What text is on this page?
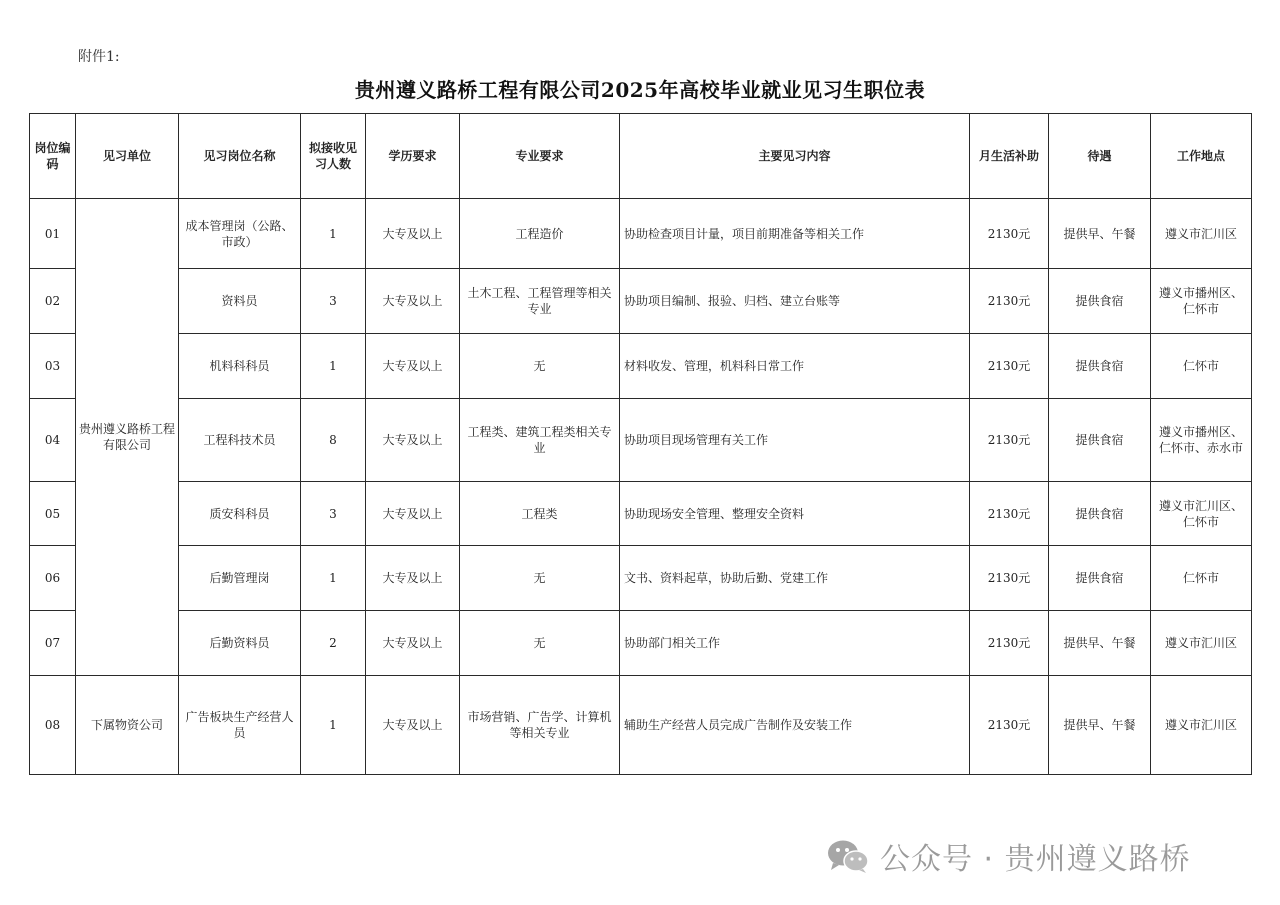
附件1:
贵州遵义路桥工程有限公司2025年高校毕业就业见习生职位表
岗位编码	见习单位	见习岗位名称	拟接收见习人数	学历要求	专业要求	主要见习内容	月生活补助	待遇	工作地点
01	贵州遵义路桥工程有限公司	成本管理岗（公路、市政）	1	大专及以上	工程造价	协助检查项目计量，项目前期准备等相关工作	2130元	提供早、午餐	遵义市汇川区
02		资料员	3	大专及以上	土木工程、工程管理等相关专业	协助项目编制、报验、归档、建立台账等	2130元	提供食宿	遵义市播州区、仁怀市
03		机料科科员	1	大专及以上	无	材料收发、管理，机料科日常工作	2130元	提供食宿	仁怀市
04		工程科技术员	8	大专及以上	工程类、建筑工程类相关专业	协助项目现场管理有关工作	2130元	提供食宿	遵义市播州区、仁怀市、赤水市
05		质安科科员	3	大专及以上	工程类	协助现场安全管理、整理安全资料	2130元	提供食宿	遵义市汇川区、仁怀市
06		后勤管理岗	1	大专及以上	无	文书、资料起草，协助后勤、党建工作	2130元	提供食宿	仁怀市
07		后勤资料员	2	大专及以上	无	协助部门相关工作	2130元	提供早、午餐	遵义市汇川区
08	下属物资公司	广告板块生产经营人员	1	大专及以上	市场营销、广告学、计算机等相关专业	辅助生产经营人员完成广告制作及安装工作	2130元	提供早、午餐	遵义市汇川区
公众号 · 贵州遵义路桥
